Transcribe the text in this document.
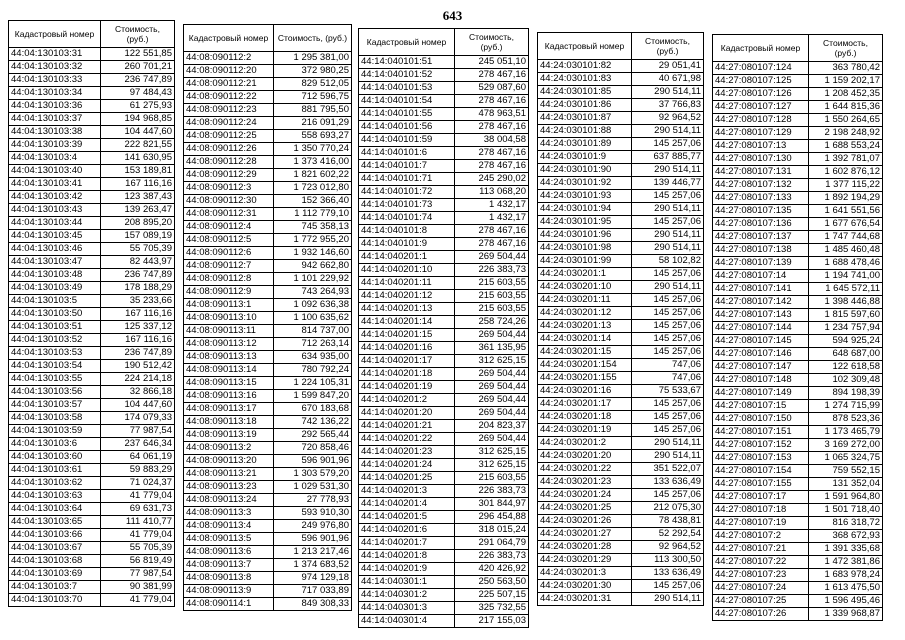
643
Кадастровый номер	Стоимость, (руб.)
44:04:130103:31	122 551,85
44:04:130103:32	260 701,21
44:04:130103:33	236 747,89
44:04:130103:34	97 484,43
44:04:130103:36	61 275,93
44:04:130103:37	194 968,85
44:04:130103:38	104 447,60
44:04:130103:39	222 821,55
44:04:130103:4	141 630,95
44:04:130103:40	153 189,81
44:04:130103:41	167 116,16
44:04:130103:42	123 387,43
44:04:130103:43	139 263,47
44:04:130103:44	208 895,20
44:04:130103:45	157 089,19
44:04:130103:46	55 705,39
44:04:130103:47	82 443,97
44:04:130103:48	236 747,89
44:04:130103:49	178 188,29
44:04:130103:5	35 233,66
44:04:130103:50	167 116,16
44:04:130103:51	125 337,12
44:04:130103:52	167 116,16
44:04:130103:53	236 747,89
44:04:130103:54	190 512,42
44:04:130103:55	224 214,18
44:04:130103:56	32 866,18
44:04:130103:57	104 447,60
44:04:130103:58	174 079,33
44:04:130103:59	77 987,54
44:04:130103:6	237 646,34
44:04:130103:60	64 061,19
44:04:130103:61	59 883,29
44:04:130103:62	71 024,37
44:04:130103:63	41 779,04
44:04:130103:64	69 631,73
44:04:130103:65	111 410,77
44:04:130103:66	41 779,04
44:04:130103:67	55 705,39
44:04:130103:68	56 819,49
44:04:130103:69	77 987,54
44:04:130103:7	90 381,99
44:04:130103:70	41 779,04
Кадастровый номер	Стоимость, (руб.)
44:08:090112:2	1 295 381,00
44:08:090112:20	372 980,25
44:08:090112:21	829 512,05
44:08:090112:22	712 596,75
44:08:090112:23	881 795,50
44:08:090112:24	216 091,29
44:08:090112:25	558 693,27
44:08:090112:26	1 350 770,24
44:08:090112:28	1 373 416,00
44:08:090112:29	1 821 602,22
44:08:090112:3	1 723 012,80
44:08:090112:30	152 366,40
44:08:090112:31	1 112 779,10
44:08:090112:4	745 358,13
44:08:090112:5	1 772 955,20
44:08:090112:6	1 932 146,60
44:08:090112:7	942 662,80
44:08:090112:8	1 101 229,92
44:08:090112:9	743 264,93
44:08:090113:1	1 092 636,38
44:08:090113:10	1 100 635,62
44:08:090113:11	814 737,00
44:08:090113:12	712 263,14
44:08:090113:13	634 935,00
44:08:090113:14	780 792,24
44:08:090113:15	1 224 105,31
44:08:090113:16	1 599 847,20
44:08:090113:17	670 183,68
44:08:090113:18	742 136,22
44:08:090113:19	292 565,44
44:08:090113:2	720 858,46
44:08:090113:20	596 901,96
44:08:090113:21	1 303 579,20
44:08:090113:23	1 029 531,30
44:08:090113:24	27 778,93
44:08:090113:3	593 910,30
44:08:090113:4	249 976,80
44:08:090113:5	596 901,96
44:08:090113:6	1 213 217,46
44:08:090113:7	1 374 683,52
44:08:090113:8	974 129,18
44:08:090113:9	717 033,89
44:08:090114:1	849 308,33
Кадастровый номер	Стоимость, (руб.)
44:14:040101:51	245 051,10
44:14:040101:52	278 467,16
44:14:040101:53	529 087,60
44:14:040101:54	278 467,16
44:14:040101:55	478 963,51
44:14:040101:56	278 467,16
44:14:040101:59	38 004,58
44:14:040101:6	278 467,16
44:14:040101:7	278 467,16
44:14:040101:71	245 290,02
44:14:040101:72	113 068,20
44:14:040101:73	1 432,17
44:14:040101:74	1 432,17
44:14:040101:8	278 467,16
44:14:040101:9	278 467,16
44:14:040201:1	269 504,44
44:14:040201:10	226 383,73
44:14:040201:11	215 603,55
44:14:040201:12	215 603,55
44:14:040201:13	215 603,55
44:14:040201:14	258 724,26
44:14:040201:15	269 504,44
44:14:040201:16	361 135,95
44:14:040201:17	312 625,15
44:14:040201:18	269 504,44
44:14:040201:19	269 504,44
44:14:040201:2	269 504,44
44:14:040201:20	269 504,44
44:14:040201:21	204 823,37
44:14:040201:22	269 504,44
44:14:040201:23	312 625,15
44:14:040201:24	312 625,15
44:14:040201:25	215 603,55
44:14:040201:3	226 383,73
44:14:040201:4	301 844,97
44:14:040201:5	296 454,88
44:14:040201:6	318 015,24
44:14:040201:7	291 064,79
44:14:040201:8	226 383,73
44:14:040201:9	420 426,92
44:14:040301:1	250 563,50
44:14:040301:2	225 507,15
44:14:040301:3	325 732,55
44:14:040301:4	217 155,03
Кадастровый номер	Стоимость, (руб.)
44:24:030101:82	29 051,41
44:24:030101:83	40 671,98
44:24:030101:85	290 514,11
44:24:030101:86	37 766,83
44:24:030101:87	92 964,52
44:24:030101:88	290 514,11
44:24:030101:89	145 257,06
44:24:030101:9	637 885,77
44:24:030101:90	290 514,11
44:24:030101:92	139 446,77
44:24:030101:93	145 257,06
44:24:030101:94	290 514,11
44:24:030101:95	145 257,06
44:24:030101:96	290 514,11
44:24:030101:98	290 514,11
44:24:030101:99	58 102,82
44:24:030201:1	145 257,06
44:24:030201:10	290 514,11
44:24:030201:11	145 257,06
44:24:030201:12	145 257,06
44:24:030201:13	145 257,06
44:24:030201:14	145 257,06
44:24:030201:15	145 257,06
44:24:030201:154	747,06
44:24:030201:155	747,06
44:24:030201:16	75 533,67
44:24:030201:17	145 257,06
44:24:030201:18	145 257,06
44:24:030201:19	145 257,06
44:24:030201:2	290 514,11
44:24:030201:20	290 514,11
44:24:030201:22	351 522,07
44:24:030201:23	133 636,49
44:24:030201:24	145 257,06
44:24:030201:25	212 075,30
44:24:030201:26	78 438,81
44:24:030201:27	52 292,54
44:24:030201:28	92 964,52
44:24:030201:29	113 300,50
44:24:030201:3	133 636,49
44:24:030201:30	145 257,06
44:24:030201:31	290 514,11
Кадастровый номер	Стоимость, (руб.)
44:27:080107:124	363 780,42
44:27:080107:125	1 159 202,17
44:27:080107:126	1 208 452,35
44:27:080107:127	1 644 815,36
44:27:080107:128	1 550 264,65
44:27:080107:129	2 198 248,92
44:27:080107:13	1 688 553,24
44:27:080107:130	1 392 781,07
44:27:080107:131	1 602 876,12
44:27:080107:132	1 377 115,22
44:27:080107:133	1 892 194,29
44:27:080107:135	1 641 551,56
44:27:080107:136	1 677 676,54
44:27:080107:137	1 747 744,68
44:27:080107:138	1 485 460,48
44:27:080107:139	1 688 478,46
44:27:080107:14	1 194 741,00
44:27:080107:141	1 645 572,11
44:27:080107:142	1 398 446,88
44:27:080107:143	1 815 597,60
44:27:080107:144	1 234 757,94
44:27:080107:145	594 925,24
44:27:080107:146	648 687,00
44:27:080107:147	122 618,58
44:27:080107:148	102 309,48
44:27:080107:149	894 198,39
44:27:080107:15	1 274 715,99
44:27:080107:150	878 523,36
44:27:080107:151	1 173 465,79
44:27:080107:152	3 169 272,00
44:27:080107:153	1 065 324,75
44:27:080107:154	759 552,15
44:27:080107:155	131 352,04
44:27:080107:17	1 591 964,80
44:27:080107:18	1 501 718,40
44:27:080107:19	816 318,72
44:27:080107:2	368 672,93
44:27:080107:21	1 391 335,68
44:27:080107:22	1 472 381,86
44:27:080107:23	1 683 978,24
44:27:080107:24	1 613 475,50
44:27:080107:25	1 596 495,46
44:27:080107:26	1 339 968,87
